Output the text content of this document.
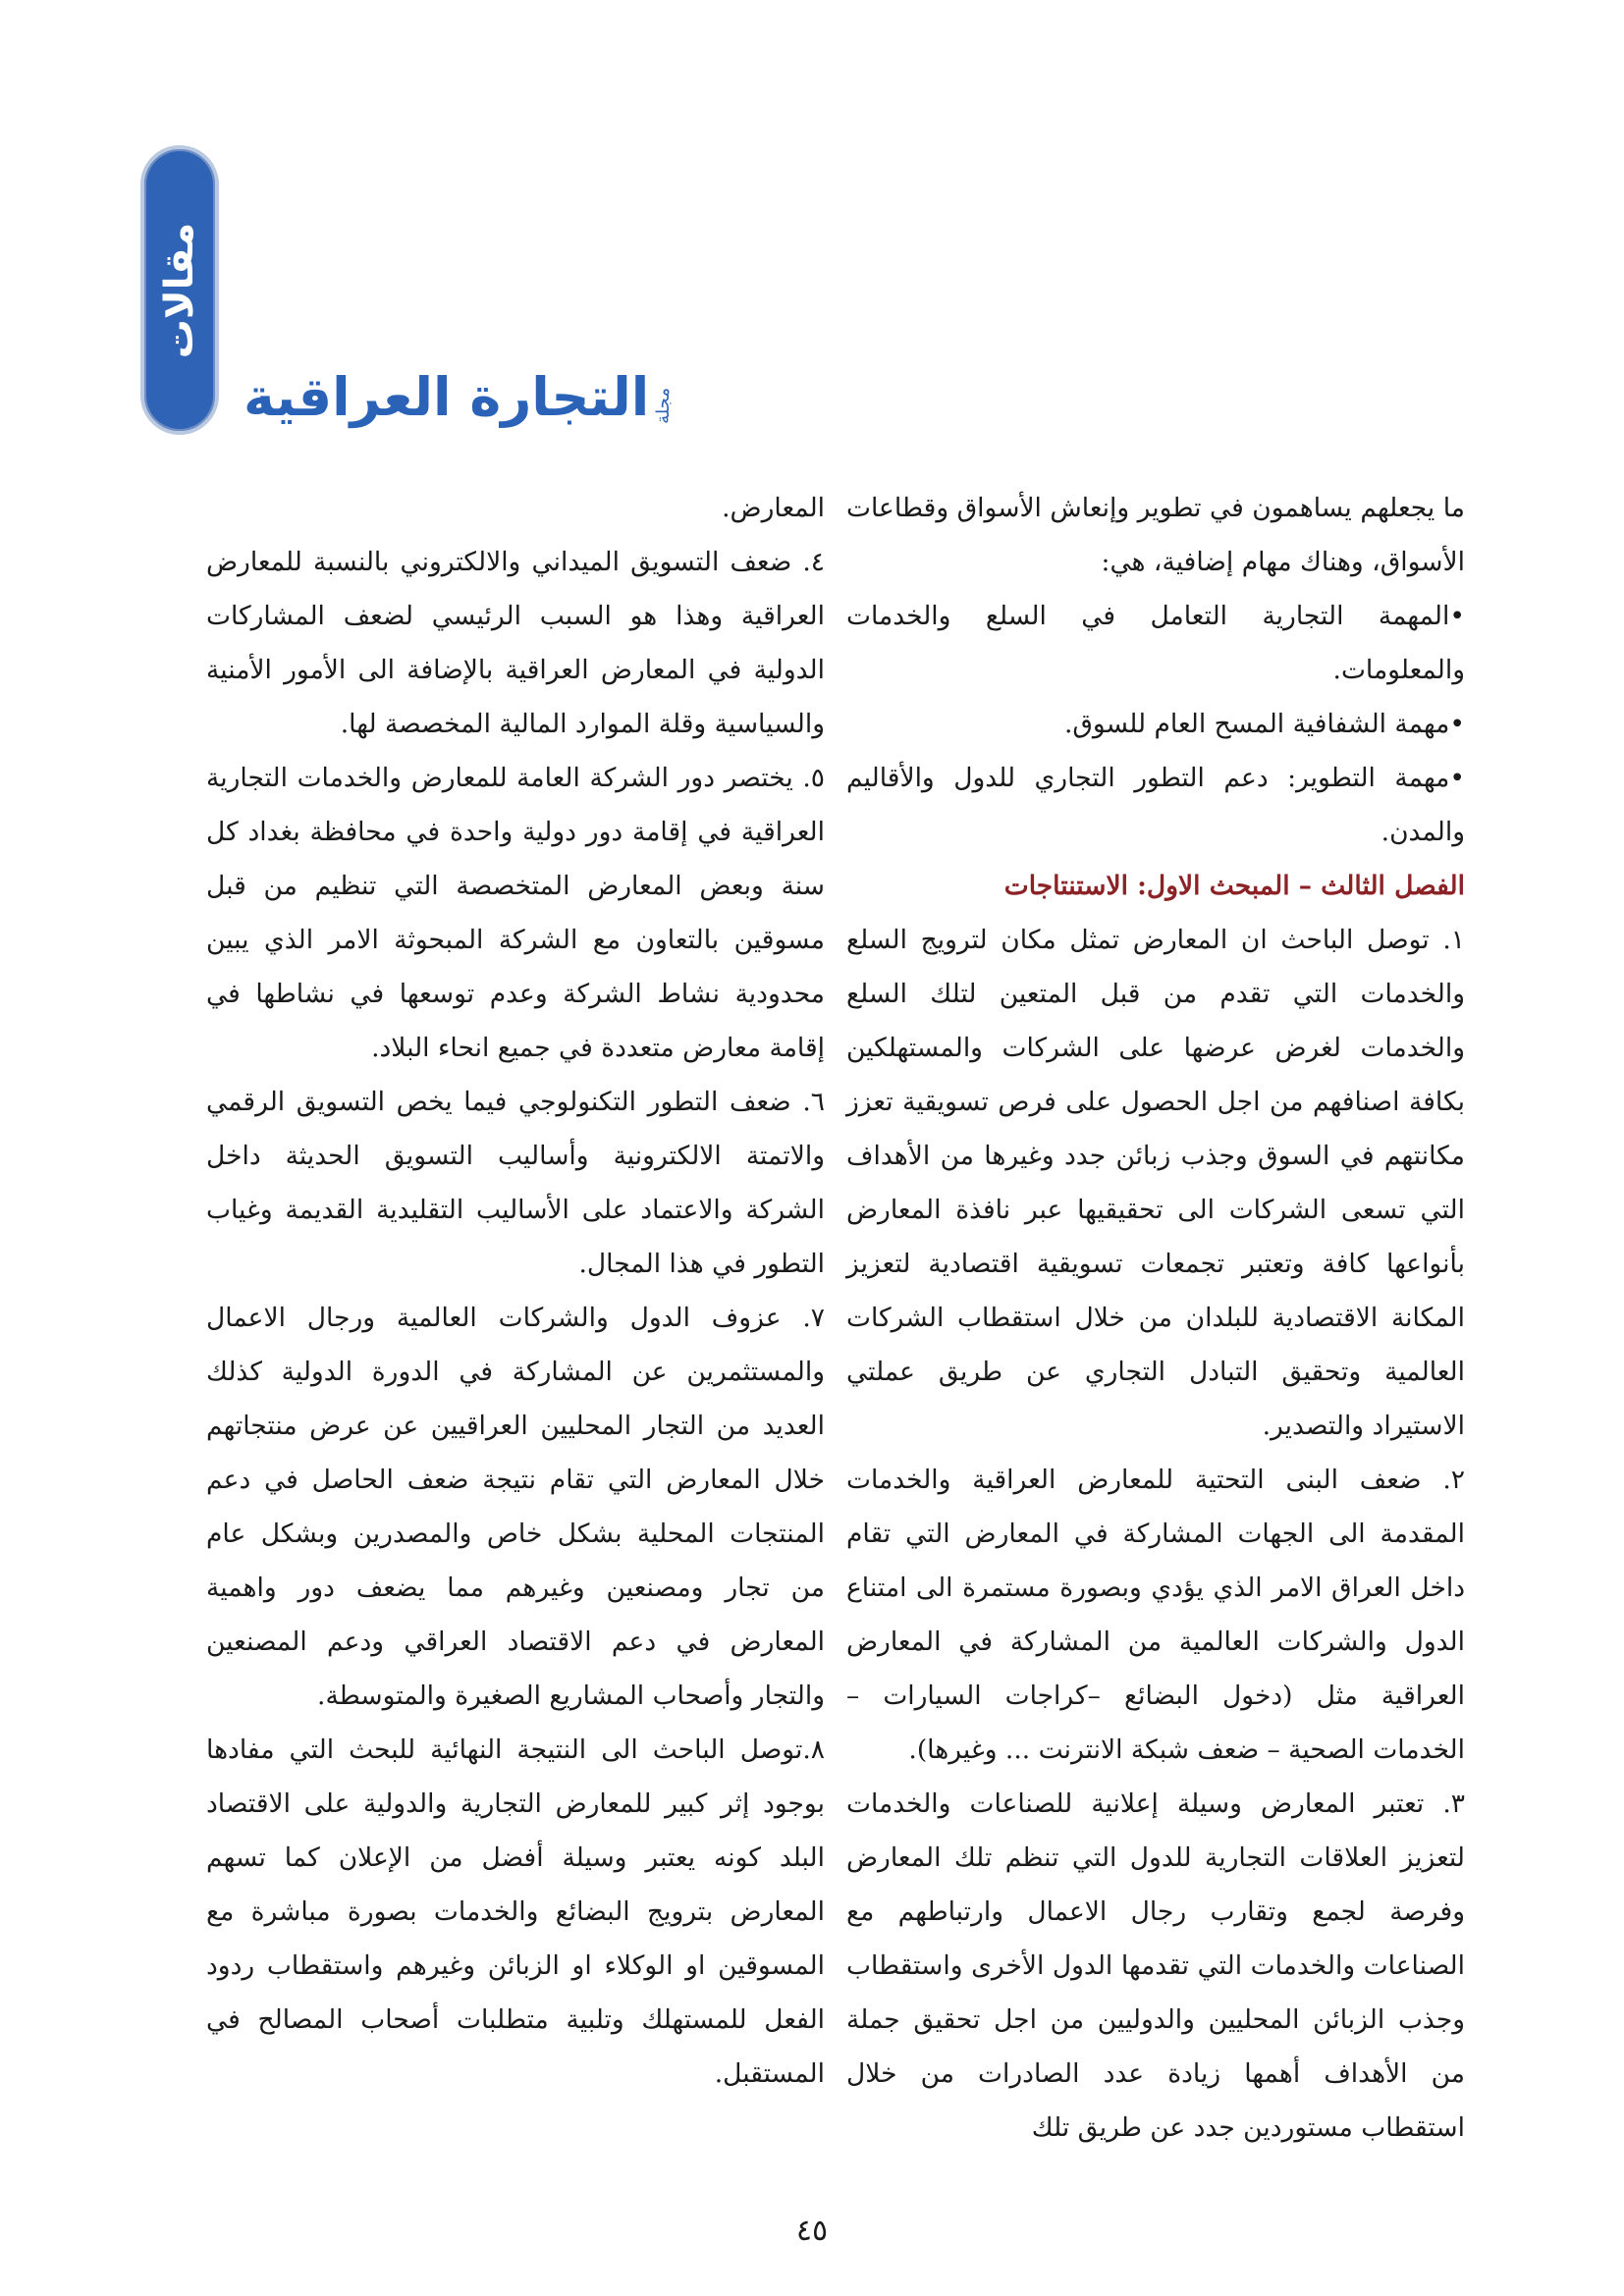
مقالات
التجارة العراقية مجلة

ما يجعلهم يساهمون في تطوير وإنعاش الأسواق وقطاعات الأسواق، وهناك مهام إضافية، هي:

•المهمة التجارية التعامل في السلع والخدمات والمعلومات.

•مهمة الشفافية المسح العام للسوق.

•مهمة التطوير: دعم التطور التجاري للدول والأقاليم والمدن.

الفصل الثالث – المبحث الاول: الاستنتاجات

١. توصل الباحث ان المعارض تمثل مكان لترويج السلع والخدمات التي تقدم من قبل المتعين لتلك السلع والخدمات لغرض عرضها على الشركات والمستهلكين بكافة اصنافهم من اجل الحصول على فرص تسويقية تعزز مكانتهم في السوق وجذب زبائن جدد وغيرها من الأهداف التي تسعى الشركات الى تحقيقيها عبر نافذة المعارض بأنواعها كافة وتعتبر تجمعات تسويقية اقتصادية لتعزيز المكانة الاقتصادية للبلدان من خلال استقطاب الشركات العالمية وتحقيق التبادل التجاري عن طريق عملتي الاستيراد والتصدير.

٢. ضعف البنى التحتية للمعارض العراقية والخدمات المقدمة الى الجهات المشاركة في المعارض التي تقام داخل العراق الامر الذي يؤدي وبصورة مستمرة الى امتناع الدول والشركات العالمية من المشاركة في المعارض العراقية مثل (دخول البضائع –كراجات السيارات – الخدمات الصحية – ضعف شبكة الانترنت ... وغيرها).

٣. تعتبر المعارض وسيلة إعلانية للصناعات والخدمات لتعزيز العلاقات التجارية للدول التي تنظم تلك المعارض وفرصة لجمع وتقارب رجال الاعمال وارتباطهم مع الصناعات والخدمات التي تقدمها الدول الأخرى واستقطاب وجذب الزبائن المحليين والدوليين من اجل تحقيق جملة من الأهداف أهمها زيادة عدد الصادرات من خلال استقطاب مستوردين جدد عن طريق تلك

المعارض.

٤. ضعف التسويق الميداني والالكتروني بالنسبة للمعارض العراقية وهذا هو السبب الرئيسي لضعف المشاركات الدولية في المعارض العراقية بالإضافة الى الأمور الأمنية والسياسية وقلة الموارد المالية المخصصة لها.

٥. يختصر دور الشركة العامة للمعارض والخدمات التجارية العراقية في إقامة دور دولية واحدة في محافظة بغداد كل سنة وبعض المعارض المتخصصة التي تنظيم من قبل مسوقين بالتعاون مع الشركة المبحوثة الامر الذي يبين محدودية نشاط الشركة وعدم توسعها في نشاطها في إقامة معارض متعددة في جميع انحاء البلاد.

٦. ضعف التطور التكنولوجي فيما يخص التسويق الرقمي والاتمتة الالكترونية وأساليب التسويق الحديثة داخل الشركة والاعتماد على الأساليب التقليدية القديمة وغياب التطور في هذا المجال.

٧. عزوف الدول والشركات العالمية ورجال الاعمال والمستثمرين عن المشاركة في الدورة الدولية كذلك العديد من التجار المحليين العراقيين عن عرض منتجاتهم خلال المعارض التي تقام نتيجة ضعف الحاصل في دعم المنتجات المحلية بشكل خاص والمصدرين وبشكل عام من تجار ومصنعين وغيرهم مما يضعف دور واهمية المعارض في دعم الاقتصاد العراقي ودعم المصنعين والتجار وأصحاب المشاريع الصغيرة والمتوسطة.

٨.توصل الباحث الى النتيجة النهائية للبحث التي مفادها بوجود إثر كبير للمعارض التجارية والدولية على الاقتصاد البلد كونه يعتبر وسيلة أفضل من الإعلان كما تسهم المعارض بترويج البضائع والخدمات بصورة مباشرة مع المسوقين او الوكلاء او الزبائن وغيرهم واستقطاب ردود الفعل للمستهلك وتلبية متطلبات أصحاب المصالح في المستقبل.

٤٥
